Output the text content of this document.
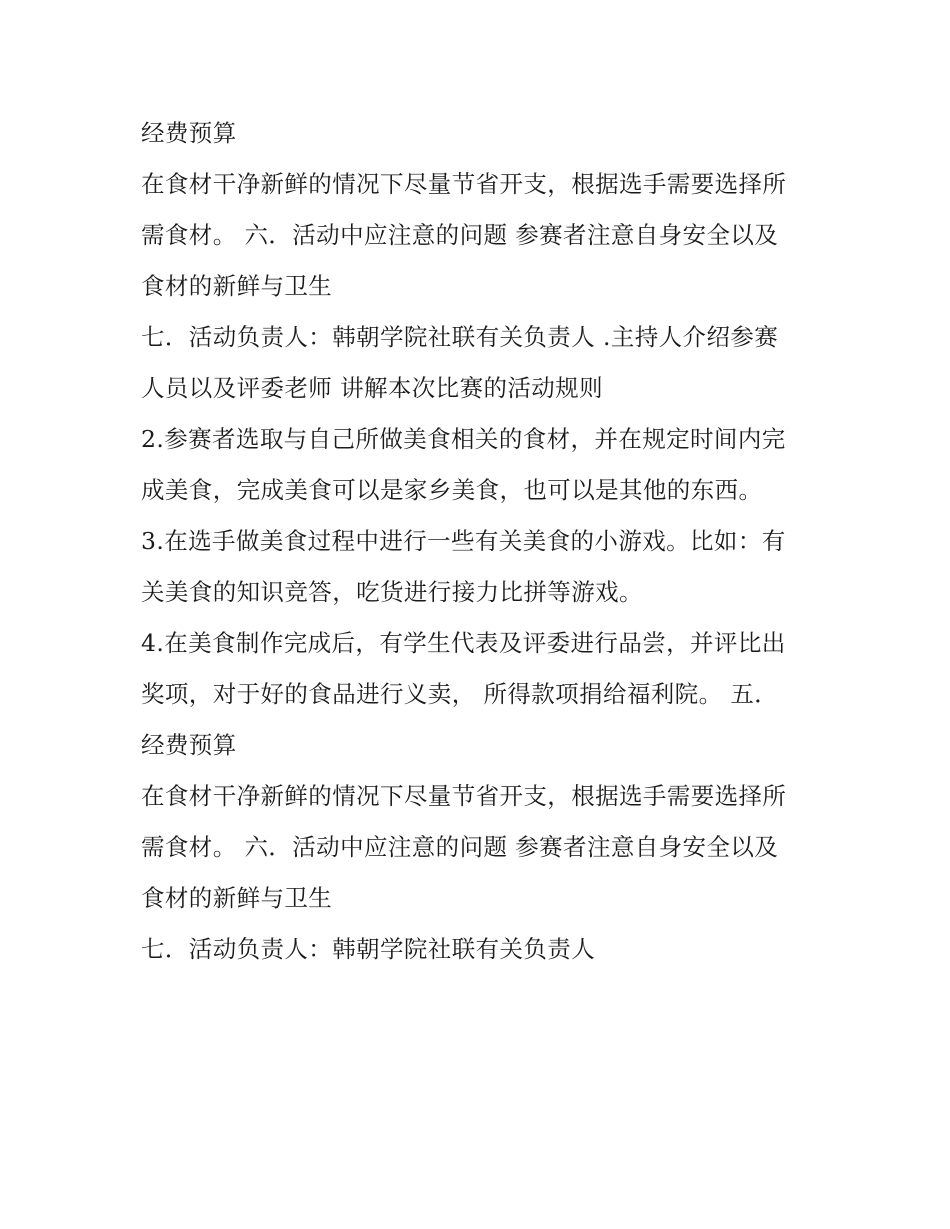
经费预算
在食材干净新鲜的情况下尽量节省开支，根据选手需要选择所
需食材。 六．活动中应注意的问题 参赛者注意自身安全以及
食材的新鲜与卫生
七．活动负责人：韩朝学院社联有关负责人 .主持人介绍参赛
人员以及评委老师 讲解本次比赛的活动规则
2.参赛者选取与自己所做美食相关的食材，并在规定时间内完
成美食，完成美食可以是家乡美食，也可以是其他的东西。
3.在选手做美食过程中进行一些有关美食的小游戏。比如：有
关美食的知识竞答，吃货进行接力比拼等游戏。
4.在美食制作完成后，有学生代表及评委进行品尝，并评比出
奖项，对于好的食品进行义卖， 所得款项捐给福利院。 五．
经费预算
在食材干净新鲜的情况下尽量节省开支，根据选手需要选择所
需食材。 六．活动中应注意的问题 参赛者注意自身安全以及
食材的新鲜与卫生
七．活动负责人：韩朝学院社联有关负责人
